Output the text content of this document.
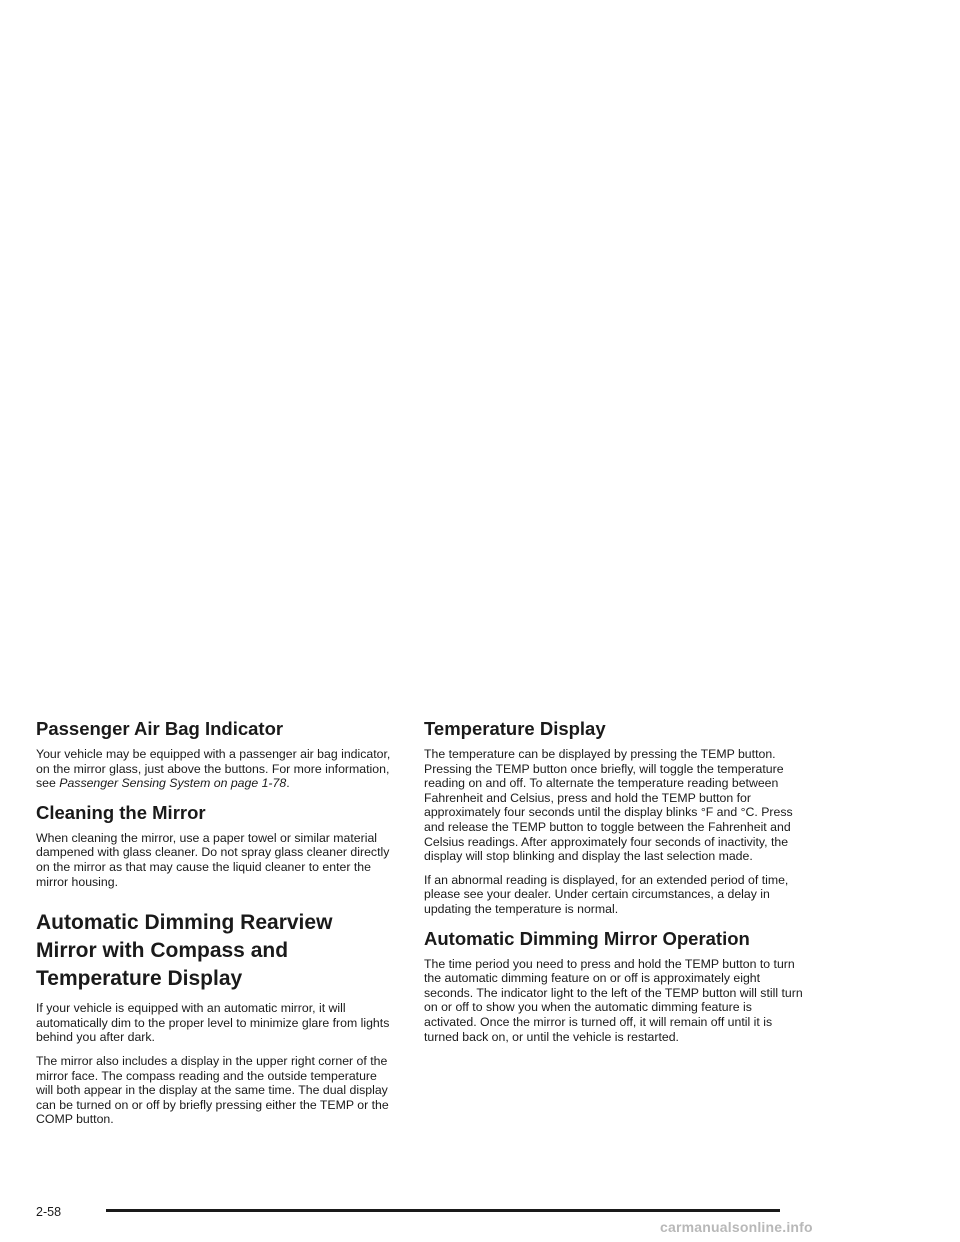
Passenger Air Bag Indicator

Your vehicle may be equipped with a passenger air bag indicator, on the mirror glass, just above the buttons. For more information, see Passenger Sensing System on page 1-78.

Cleaning the Mirror

When cleaning the mirror, use a paper towel or similar material dampened with glass cleaner. Do not spray glass cleaner directly on the mirror as that may cause the liquid cleaner to enter the mirror housing.

Automatic Dimming Rearview Mirror with Compass and Temperature Display

If your vehicle is equipped with an automatic mirror, it will automatically dim to the proper level to minimize glare from lights behind you after dark.

The mirror also includes a display in the upper right corner of the mirror face. The compass reading and the outside temperature will both appear in the display at the same time. The dual display can be turned on or off by briefly pressing either the TEMP or the COMP button.

Temperature Display

The temperature can be displayed by pressing the TEMP button. Pressing the TEMP button once briefly, will toggle the temperature reading on and off. To alternate the temperature reading between Fahrenheit and Celsius, press and hold the TEMP button for approximately four seconds until the display blinks °F and °C. Press and release the TEMP button to toggle between the Fahrenheit and Celsius readings. After approximately four seconds of inactivity, the display will stop blinking and display the last selection made.

If an abnormal reading is displayed, for an extended period of time, please see your dealer. Under certain circumstances, a delay in updating the temperature is normal.

Automatic Dimming Mirror Operation

The time period you need to press and hold the TEMP button to turn the automatic dimming feature on or off is approximately eight seconds. The indicator light to the left of the TEMP button will still turn on or off to show you when the automatic dimming feature is activated. Once the mirror is turned off, it will remain off until it is turned back on, or until the vehicle is restarted.

2-58
carmanualsonline.info
